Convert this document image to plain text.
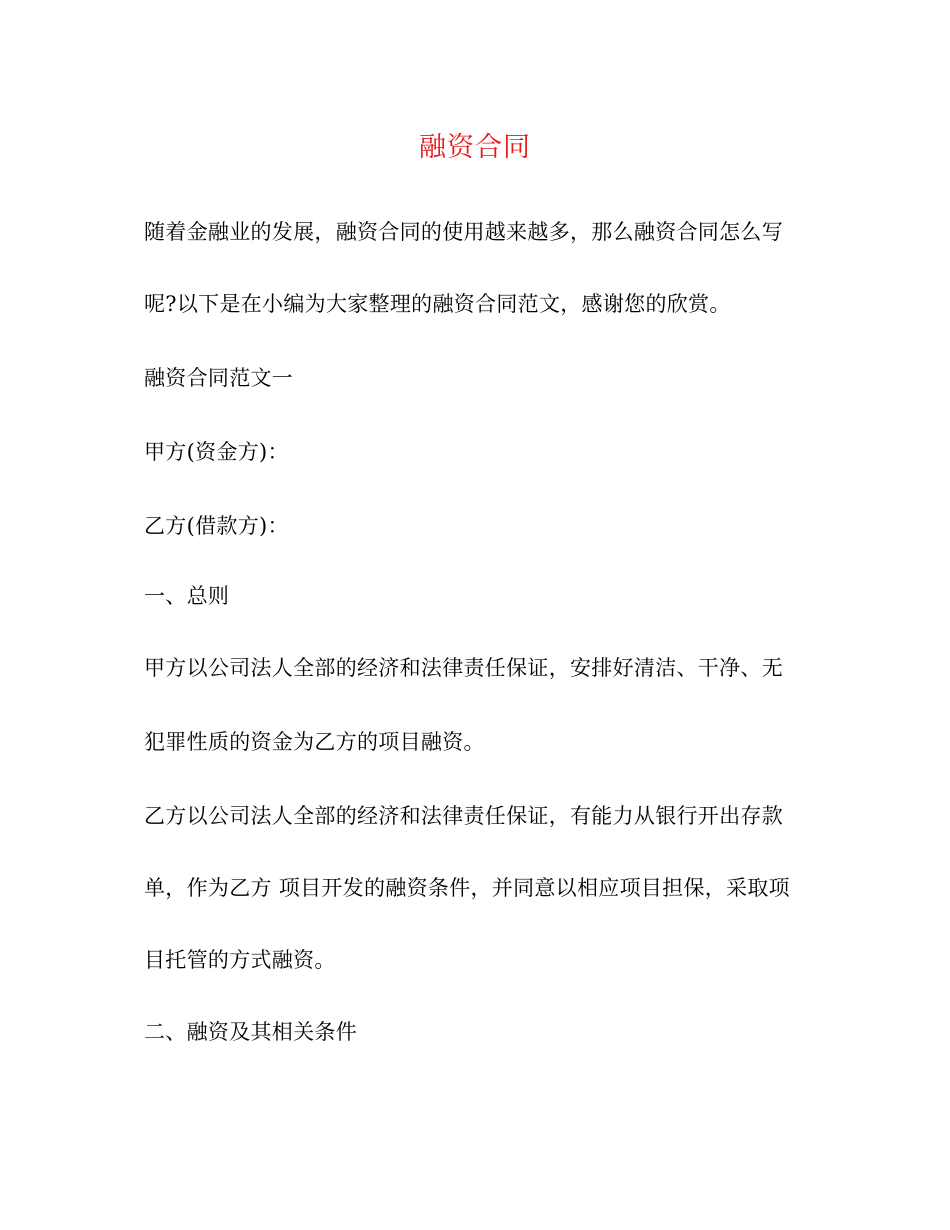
融资合同
随着金融业的发展，融资合同的使用越来越多，那么融资合同怎么写
呢?以下是在小编为大家整理的融资合同范文，感谢您的欣赏。
融资合同范文一
甲方(资金方)：
乙方(借款方)：
一、总则
甲方以公司法人全部的经济和法律责任保证，安排好清洁、干净、无
犯罪性质的资金为乙方的项目融资。
乙方以公司法人全部的经济和法律责任保证，有能力从银行开出存款
单，作为乙方 项目开发的融资条件，并同意以相应项目担保，采取项
目托管的方式融资。
二、融资及其相关条件
